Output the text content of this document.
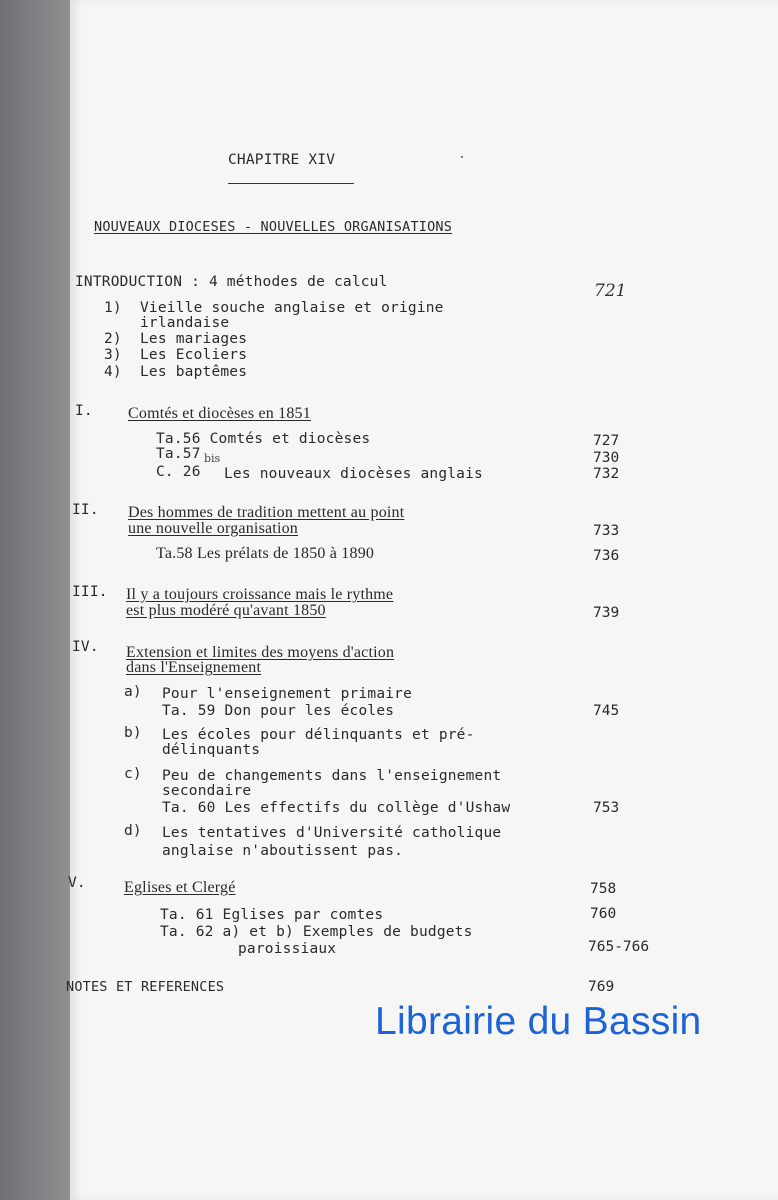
CHAPITRE XIV
NOUVEAUX DIOCESES - NOUVELLES ORGANISATIONS
INTRODUCTION : 4 méthodes de calcul	721
1) Vieille souche anglaise et origine
irlandaise
2) Les mariages
3) Les Ecoliers
4) Les baptêmes
I. Comtés et diocèses en 1851
Ta.56 Comtés et diocèses	727
Ta.57 bis	730
C. 26 Les nouveaux diocèses anglais	732
II. Des hommes de tradition mettent au point
une nouvelle organisation	733
Ta.58 Les prélats de 1850 à 1890	736
III. Il y a toujours croissance mais le rythme
est plus modéré qu'avant 1850	739
IV. Extension et limites des moyens d'action
dans l'Enseignement
a) Pour l'enseignement primaire
Ta. 59 Don pour les écoles	745
b) Les écoles pour délinquants et pré-
délinquants
c) Peu de changements dans l'enseignement
secondaire
Ta. 60 Les effectifs du collège d'Ushaw	753
d) Les tentatives d'Université catholique
anglaise n'aboutissent pas.
V. Eglises et Clergé	758
Ta. 61 Eglises par comtes	760
Ta. 62 a) et b) Exemples de budgets
paroissiaux	765-766
NOTES ET REFERENCES	769
Librairie du Bassin
